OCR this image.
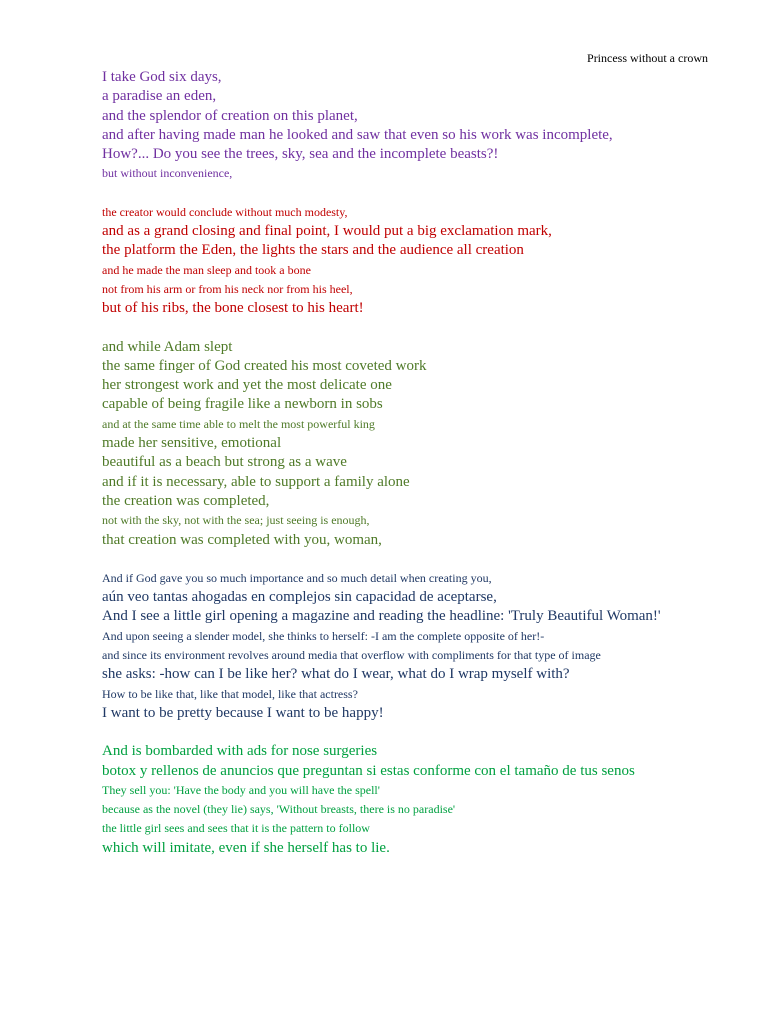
Princess without a crown
I take God six days,
a paradise an eden,
and the splendor of creation on this planet,
and after having made man he looked and saw that even so his work was incomplete,
How?... Do you see the trees, sky, sea and the incomplete beasts?!
but without inconvenience,
the creator would conclude without much modesty,
and as a grand closing and final point, I would put a big exclamation mark,
the platform the Eden, the lights the stars and the audience all creation
and he made the man sleep and took a bone
not from his arm or from his neck nor from his heel,
but of his ribs, the bone closest to his heart!
and while Adam slept
the same finger of God created his most coveted work
her strongest work and yet the most delicate one
capable of being fragile like a newborn in sobs
and at the same time able to melt the most powerful king
made her sensitive, emotional
beautiful as a beach but strong as a wave
and if it is necessary, able to support a family alone
the creation was completed,
not with the sky, not with the sea; just seeing is enough,
that creation was completed with you, woman,
And if God gave you so much importance and so much detail when creating you,
aún veo tantas ahogadas en complejos sin capacidad de aceptarse,
And I see a little girl opening a magazine and reading the headline: 'Truly Beautiful Woman!'
And upon seeing a slender model, she thinks to herself: -I am the complete opposite of her!-
and since its environment revolves around media that overflow with compliments for that type of image
she asks: -how can I be like her? what do I wear, what do I wrap myself with?
How to be like that, like that model, like that actress?
I want to be pretty because I want to be happy!
And is bombarded with ads for nose surgeries
botox y rellenos de anuncios que preguntan si estas conforme con el tamaño de tus senos
They sell you: 'Have the body and you will have the spell'
because as the novel (they lie) says, 'Without breasts, there is no paradise'
the little girl sees and sees that it is the pattern to follow
which will imitate, even if she herself has to lie.
